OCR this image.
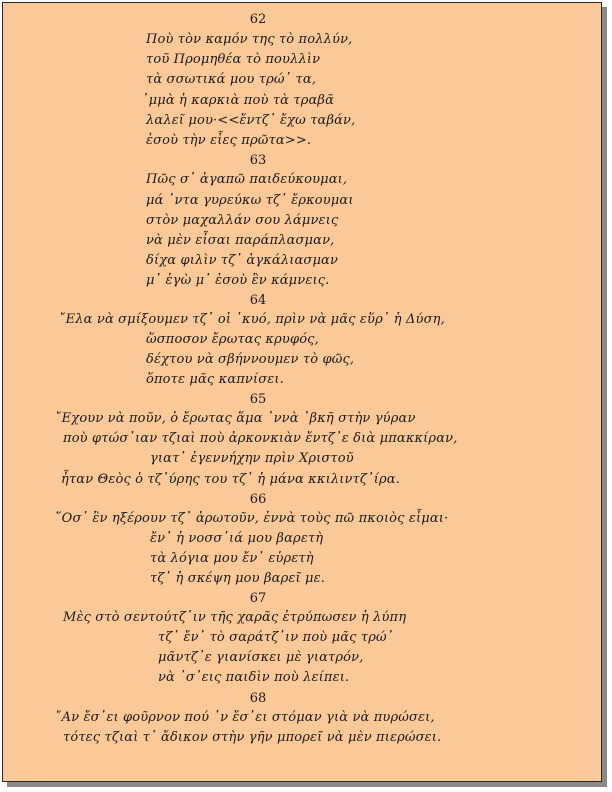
62
Ποὺ τὸν καμόν της τὸ πολλύν,
τοῦ Προμηθέα τὸ πουλλὶν
τὰ σσωτικά μου τρώ᾽ τα,
᾽μμὰ ἡ καρκιὰ ποὺ τὰ τραβᾶ
λαλεῖ μου·<<ἔντζ᾽ ἔχω ταβάν,
ἐσοὺ τὴν εἶες πρῶτα>>.
63
Πῶς σ᾽ ἀγαπῶ παιδεύκουμαι,
μά ᾽ντα γυρεύκω τζ᾽ ἔρκουμαι
στὸν μαχαλλάν σου λάμνεις
νὰ μὲν εἶσαι παράπλασμαν,
δίχα φιλὶν τζ᾽ ἀγκάλιασμαν
μ᾽ ἐγὼ μ᾽ ἐσοὺ ἒν κάμνεις.
64
῎Ελα νὰ σμίξουμεν τζ᾽ οἱ ᾽κυό, πρὶν νὰ μᾶς εὕρ᾽ ἡ Δύση,
ὥσποσον ἔρωτας κρυφός,
δέχτου νὰ σβήννουμεν τὸ φῶς,
ὅποτε μᾶς καπνίσει.
65
῎Εχουν νὰ ποῦν, ὁ ἔρωτας ἅμα ᾽ννὰ ᾽βκῆ στὴν γύραν
ποὺ φτώσ᾽ιαν τζιαὶ ποὺ ἀρκονκιὰν ἔντζ᾽ε διὰ μπακκίραν,
γιατ᾽ ἐγεννήχην πρὶν Χριστοῦ
ἦταν Θεὸς ὁ τζ᾽ύρης του τζ᾽ ἡ μάνα κκιλιντζ᾽ίρα.
66
῞Οσ᾽ ἒν ηξέρουν τζ᾽ ἀρωτοῦν, ἐννὰ τοὺς πῶ πκοιὸς εἶμαι·
ἔν᾽ ἡ νοσσ᾽ιά μου βαρετὴ
τὰ λόγια μου ἔν᾽ εὑρετὴ
τζ᾽ ἡ σκέψη μου βαρεῖ με.
67
Μὲς στὸ σεντούτζ᾽ιν τῆς χαρᾶς ἐτρύπωσεν ἡ λύπη
τζ᾽ ἔν᾽ τὸ σαράτζ᾽ιν ποὺ μᾶς τρώ᾽
μᾶντζ᾽ε γιανίσκει μὲ γιατρόν,
νὰ ᾽σ᾽εις παιδὶν ποὺ λείπει.
68
῎Αν ἔσ᾽ει φοῦρνον πού ᾽ν ἔσ᾽ει στόμαν γιὰ νὰ πυρώσει,
τότες τζιαὶ τ᾽ ἄδικον στὴν γῆν μπορεῖ νὰ μὲν πιερώσει.
